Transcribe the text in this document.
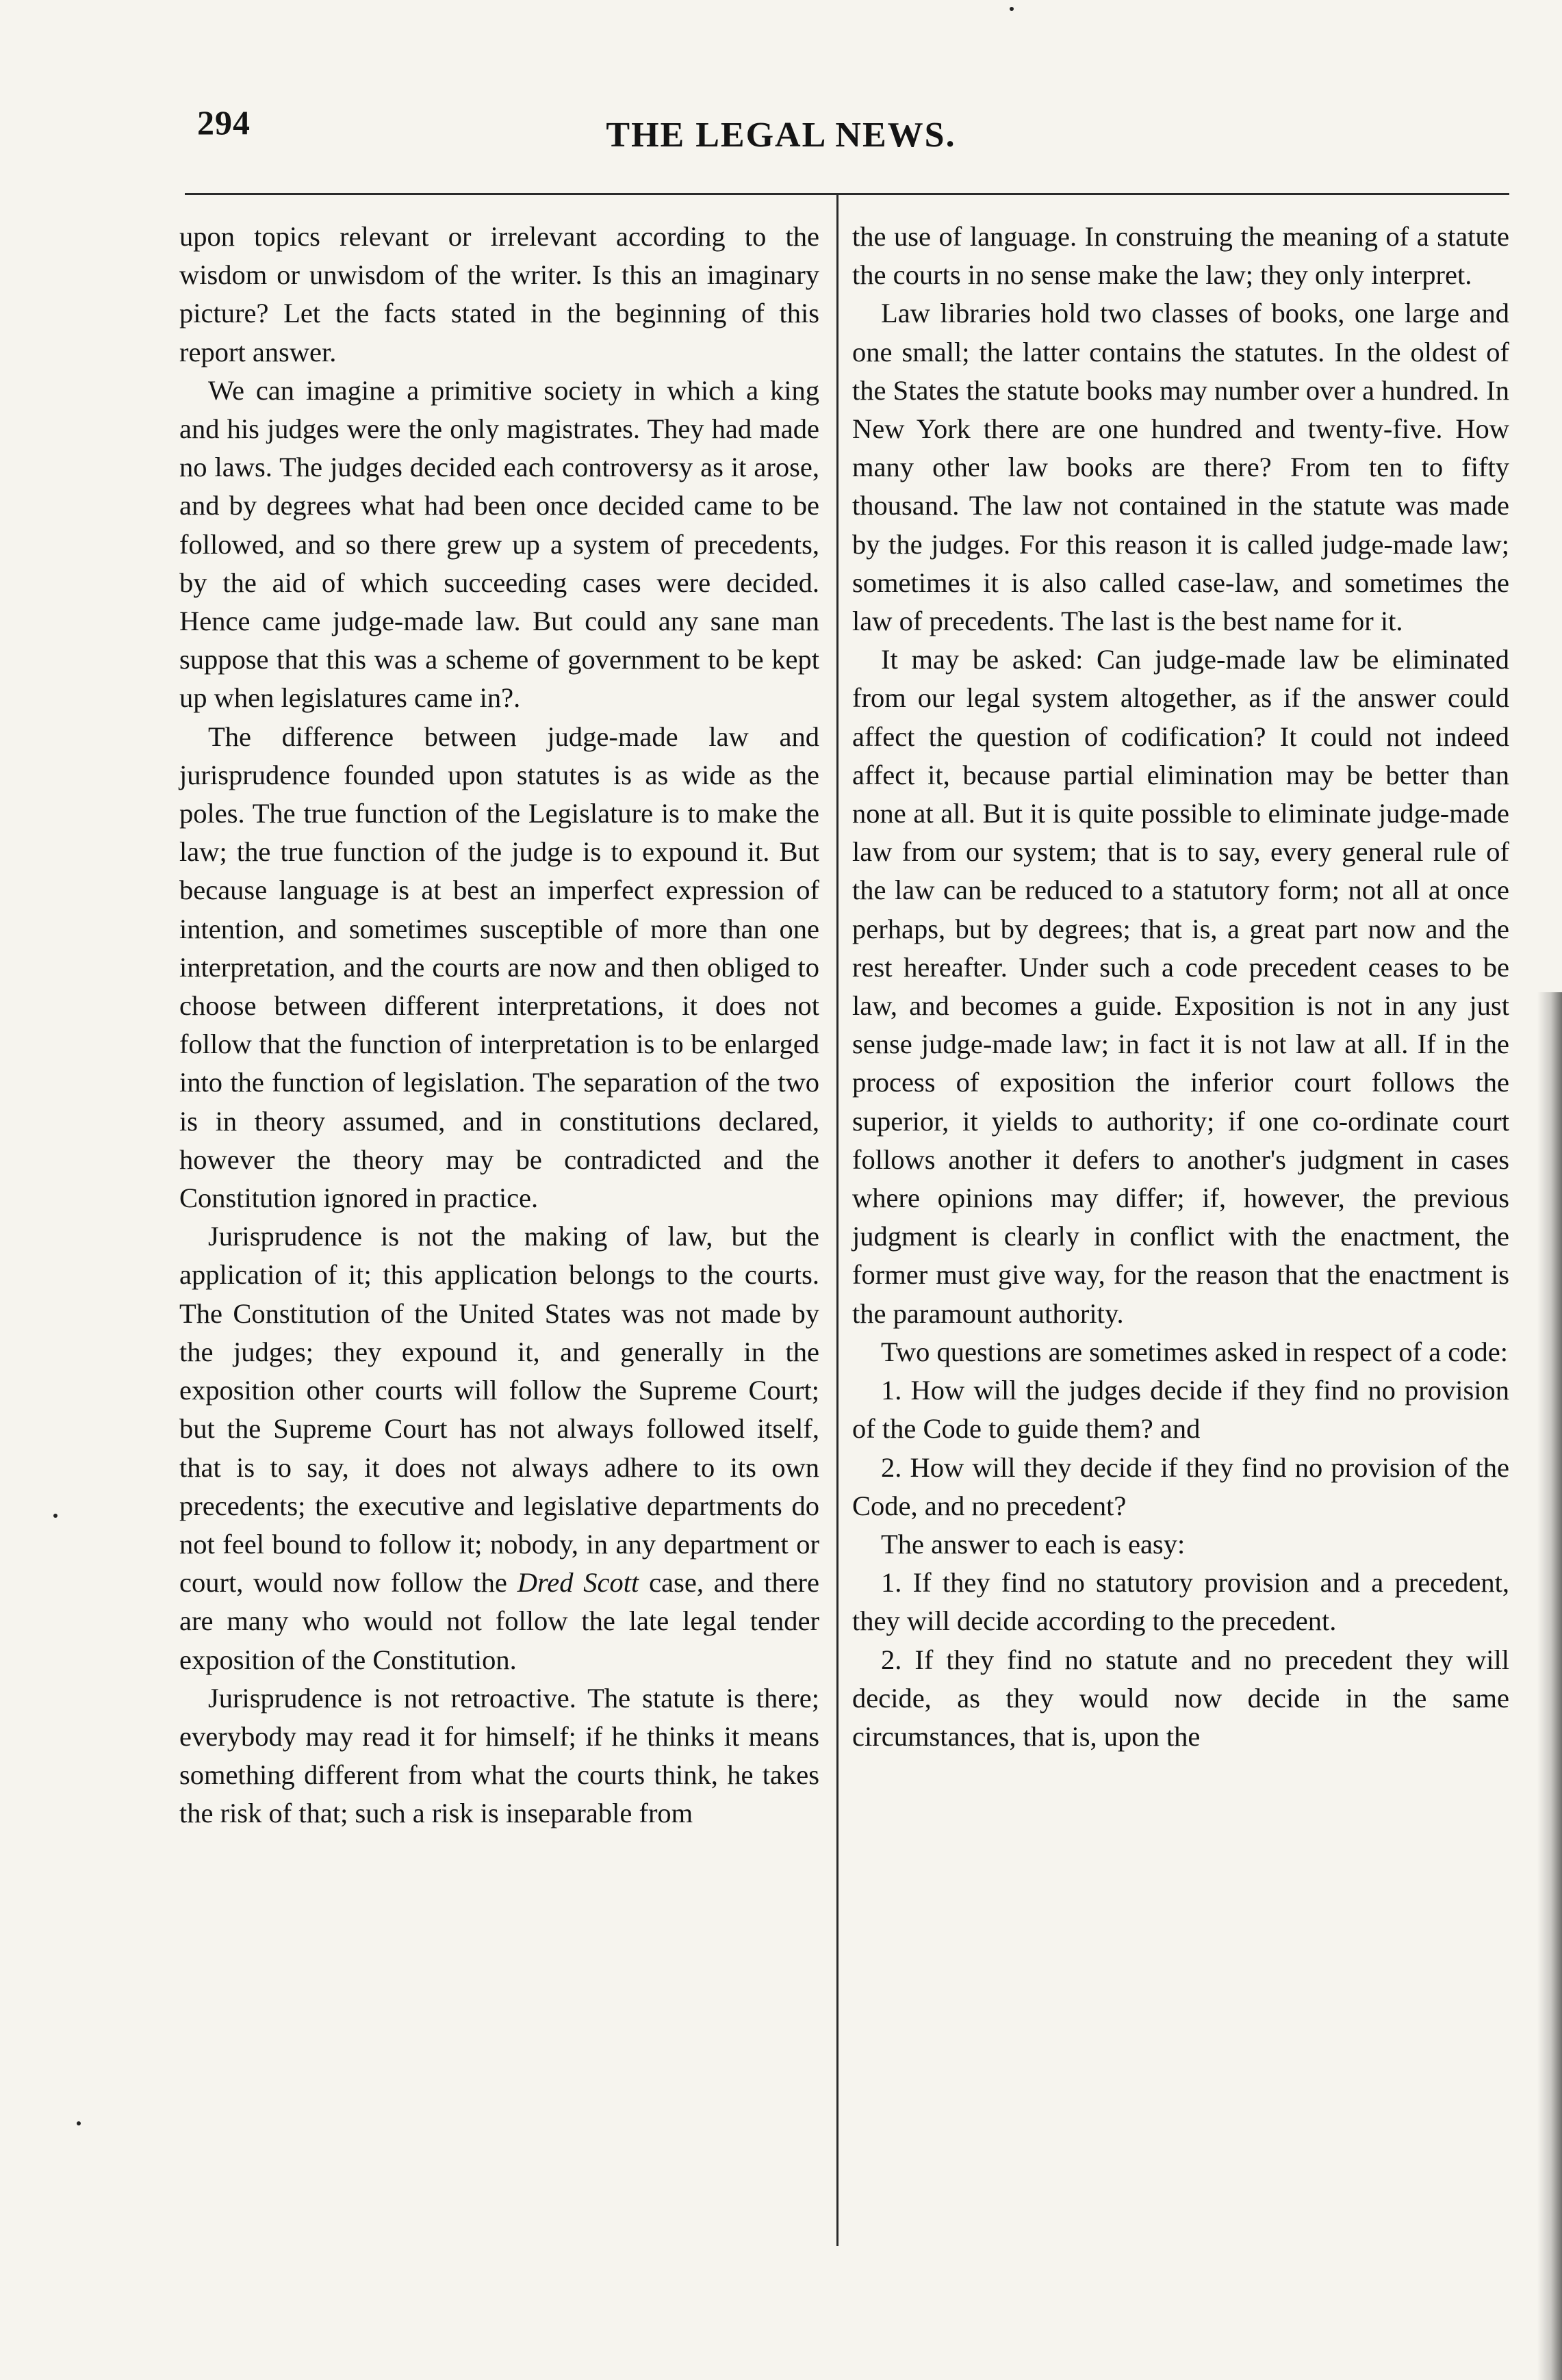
294	THE LEGAL NEWS.

upon topics relevant or irrelevant according to the wisdom or unwisdom of the writer. Is this an imaginary picture? Let the facts stated in the beginning of this report answer.

We can imagine a primitive society in which a king and his judges were the only magistrates. They had made no laws. The judges decided each controversy as it arose, and by degrees what had been once decided came to be followed, and so there grew up a system of precedents, by the aid of which succeeding cases were decided. Hence came judge-made law. But could any sane man suppose that this was a scheme of government to be kept up when legislatures came in?.

The difference between judge-made law and jurisprudence founded upon statutes is as wide as the poles. The true function of the Legislature is to make the law; the true function of the judge is to expound it. But because language is at best an imperfect expression of intention, and sometimes susceptible of more than one interpretation, and the courts are now and then obliged to choose between different interpretations, it does not follow that the function of interpretation is to be enlarged into the function of legislation. The separation of the two is in theory assumed, and in constitutions declared, however the theory may be contradicted and the Constitution ignored in practice.

Jurisprudence is not the making of law, but the application of it; this application belongs to the courts. The Constitution of the United States was not made by the judges; they expound it, and generally in the exposition other courts will follow the Supreme Court; but the Supreme Court has not always followed itself, that is to say, it does not always adhere to its own precedents; the executive and legislative departments do not feel bound to follow it; nobody, in any department or court, would now follow the Dred Scott case, and there are many who would not follow the late legal tender exposition of the Constitution.

Jurisprudence is not retroactive. The statute is there; everybody may read it for himself; if he thinks it means something different from what the courts think, he takes the risk of that; such a risk is inseparable from

the use of language. In construing the meaning of a statute the courts in no sense make the law; they only interpret.

Law libraries hold two classes of books, one large and one small; the latter contains the statutes. In the oldest of the States the statute books may number over a hundred. In New York there are one hundred and twenty-five. How many other law books are there? From ten to fifty thousand. The law not contained in the statute was made by the judges. For this reason it is called judge-made law; sometimes it is also called case-law, and sometimes the law of precedents. The last is the best name for it.

It may be asked: Can judge-made law be eliminated from our legal system altogether, as if the answer could affect the question of codification? It could not indeed affect it, because partial elimination may be better than none at all. But it is quite possible to eliminate judge-made law from our system; that is to say, every general rule of the law can be reduced to a statutory form; not all at once perhaps, but by degrees; that is, a great part now and the rest hereafter. Under such a code precedent ceases to be law, and becomes a guide. Exposition is not in any just sense judge-made law; in fact it is not law at all. If in the process of exposition the inferior court follows the superior, it yields to authority; if one co-ordinate court follows another it defers to another's judgment in cases where opinions may differ; if, however, the previous judgment is clearly in conflict with the enactment, the former must give way, for the reason that the enactment is the paramount authority.

Two questions are sometimes asked in respect of a code:

1. How will the judges decide if they find no provision of the Code to guide them? and

2. How will they decide if they find no provision of the Code, and no precedent?

The answer to each is easy:

1. If they find no statutory provision and a precedent, they will decide according to the precedent.

2. If they find no statute and no precedent they will decide, as they would now decide in the same circumstances, that is, upon the
